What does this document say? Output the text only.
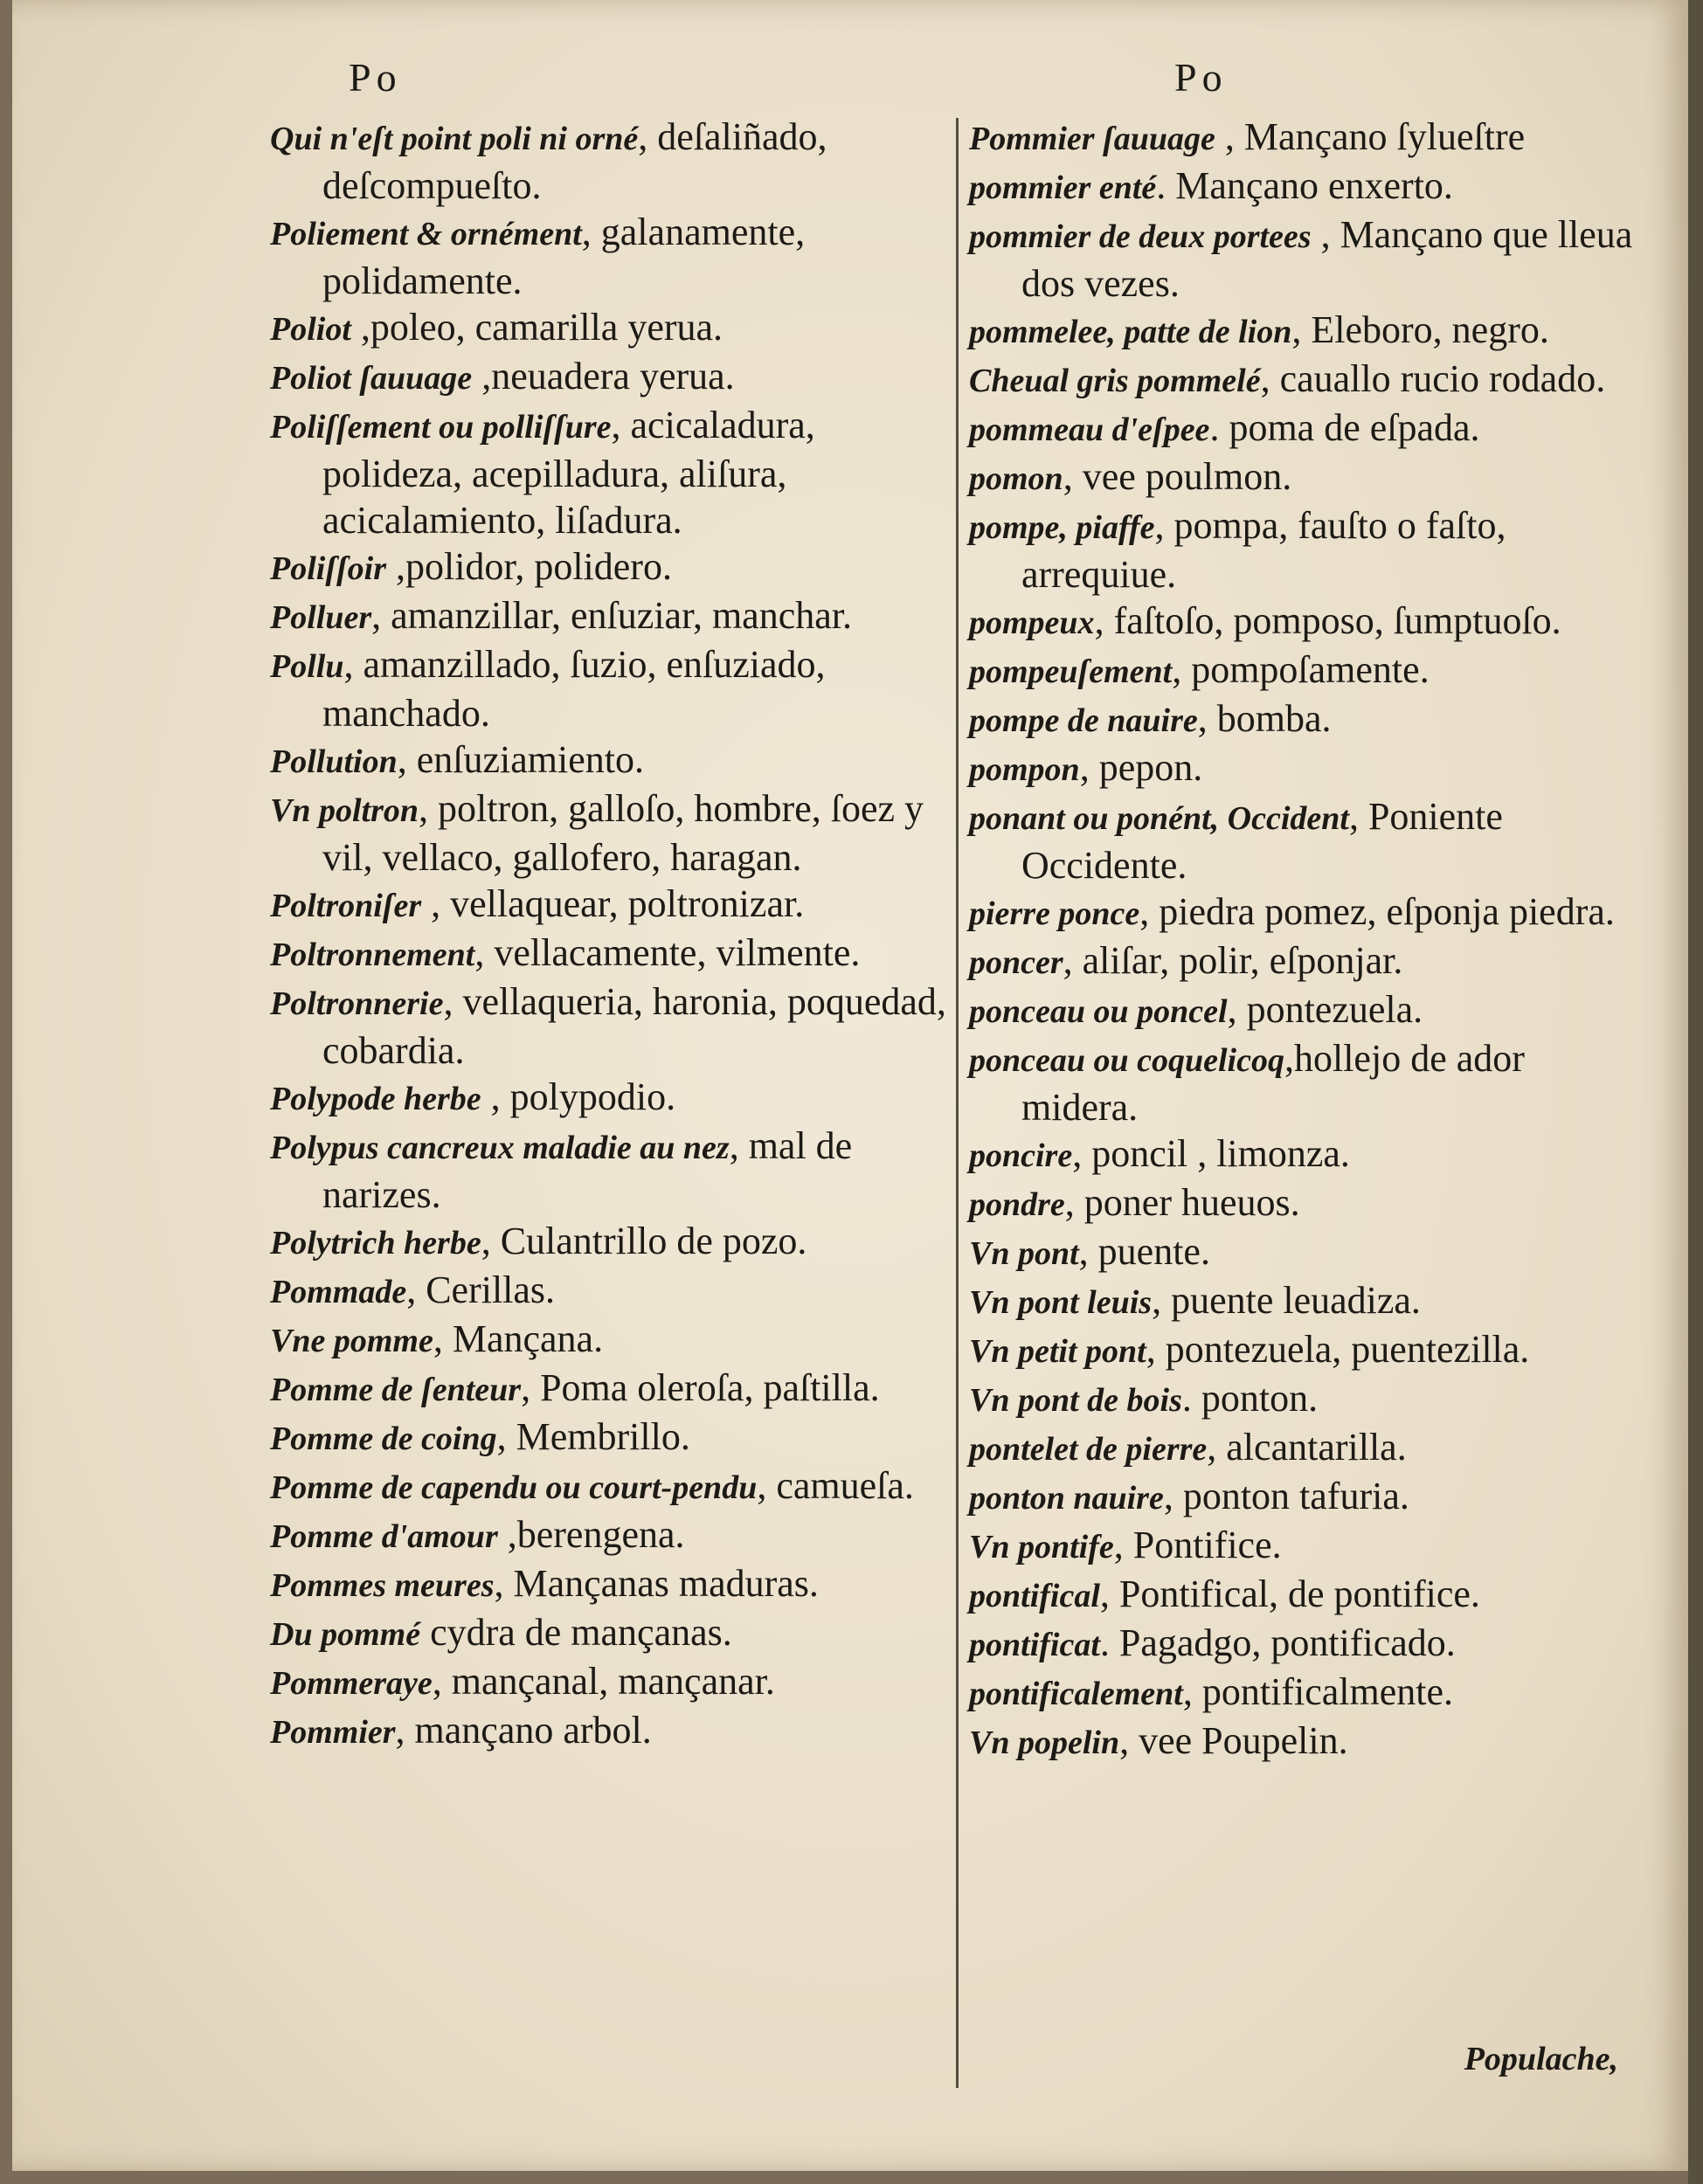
Po	Po

Qui n'eſt point poli ni orné, deſaliñado, deſcompueſto.

Poliement & ornément, galanamente, polidamente.

Poliot ,poleo, camarilla yerua.

Poliot ſauuage ,neuadera yerua.

Poliſſement ou polliſſure, acicaladura, polideza, acepilladura, aliſura, acicalamiento, liſadura.

Poliſſoir ,polidor, polidero.

Polluer, amanzillar, enſuziar, manchar.

Pollu, amanzillado, ſuzio, enſuziado, manchado.

Pollution, enſuziamiento.

Vn poltron, poltron, galloſo, hombre, ſoez y vil, vellaco, gallofero, haragan.

Poltroniſer , vellaquear, poltronizar.

Poltronnement, vellacamente, vilmente.

Poltronnerie, vellaqueria, haronia, poquedad, cobardia.

Polypode herbe , polypodio.

Polypus cancreux maladie au nez, mal de narizes.

Polytrich herbe, Culantrillo de pozo.

Pommade, Cerillas.

Vne pomme, Mançana.

Pomme de ſenteur, Poma oleroſa, paſtilla.

Pomme de coing, Membrillo.

Pomme de capendu ou court-pendu, camueſa.

Pomme d'amour ,berengena.

Pommes meures, Mançanas maduras.

Du pommé cydra de mançanas.

Pommeraye, mançanal, mançanar.

Pommier, mançano arbol.

Pommier ſauuage , Mançano ſylueſtre

pommier enté. Mançano enxerto.

pommier de deux portees , Mançano que lleua dos vezes.

pommelee, patte de lion, Eleboro, negro.

Cheual gris pommelé, cauallo rucio rodado.

pommeau d'eſpee. poma de eſpada.

pomon, vee poulmon.

pompe, piaffe, pompa, fauſto o faſto, arrequiue.

pompeux, faſtoſo, pomposo, ſumptuoſo.

pompeuſement, pompoſamente.

pompe de nauire, bomba.

pompon, pepon.

ponant ou ponént, Occident, Poniente Occidente.

pierre ponce, piedra pomez, eſponja piedra.

poncer, aliſar, polir, eſponjar.

ponceau ou poncel, pontezuela.

ponceau ou coquelicoq,hollejo de ador midera.

poncire, poncil , limonza.

pondre, poner hueuos.

Vn pont, puente.

Vn pont leuis, puente leuadiza.

Vn petit pont, pontezuela, puentezilla.

Vn pont de bois. ponton.

pontelet de pierre, alcantarilla.

ponton nauire, ponton tafuria.

Vn pontife, Pontifice.

pontifical, Pontifical, de pontifice.

pontificat. Pagadgo, pontificado.

pontificalement, pontificalmente.

Vn popelin, vee Poupelin.

Populache,
